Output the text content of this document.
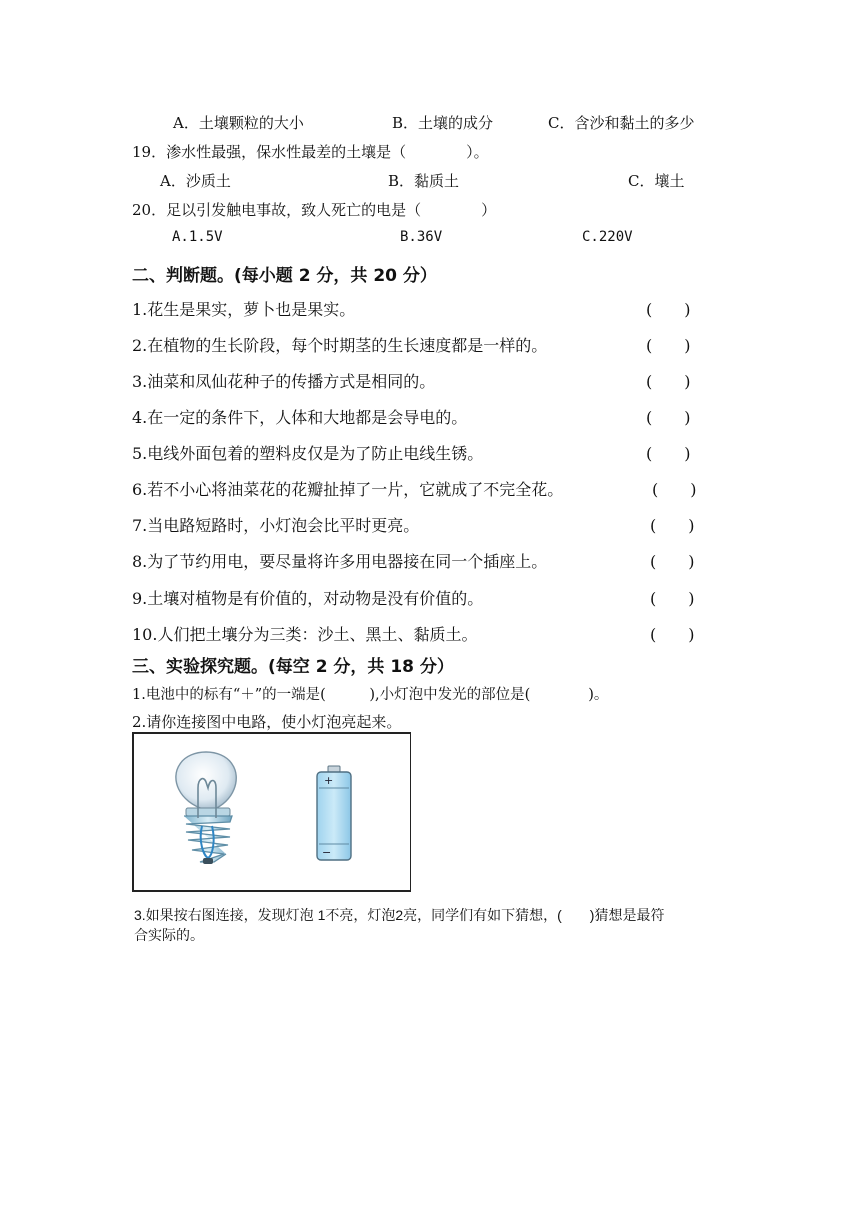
A．土壤颗粒的大小	B．土壤的成分	C．含沙和黏土的多少
19．渗水性最强，保水性最差的土壤是（　　　　）。
A．沙质土	B．黏质土	C．壤土
20．足以引发触电事故，致人死亡的电是（　　　　）
A.1.5V	B.36V	C.220V
二、判断题。(每小题 2 分，共 20 分）
1.花生是果实，萝卜也是果实。	(　　)
2.在植物的生长阶段，每个时期茎的生长速度都是一样的。	(　　)
3.油菜和凤仙花种子的传播方式是相同的。	(　　)
4.在一定的条件下，人体和大地都是会导电的。	(　　)
5.电线外面包着的塑料皮仅是为了防止电线生锈。	(　　)
6.若不小心将油菜花的花瓣扯掉了一片，它就成了不完全花。	(　　)
7.当电路短路时，小灯泡会比平时更亮。	(　　)
8.为了节约用电，要尽量将许多用电器接在同一个插座上。	(　　)
9.土壤对植物是有价值的，对动物是没有价值的。	(　　)
10.人们把土壤分为三类：沙土、黑土、黏质土。	(　　)
三、实验探究题。(每空 2 分，共 18 分）
1.电池中的标有“＋”的一端是(　　　),小灯泡中发光的部位是(　　　　)。
2.请你连接图中电路，使小灯泡亮起来。
+
−
3.如果按右图连接，发现灯泡 1不亮，灯泡2亮，同学们有如下猜想，(　　)猜想是最符
合实际的。
